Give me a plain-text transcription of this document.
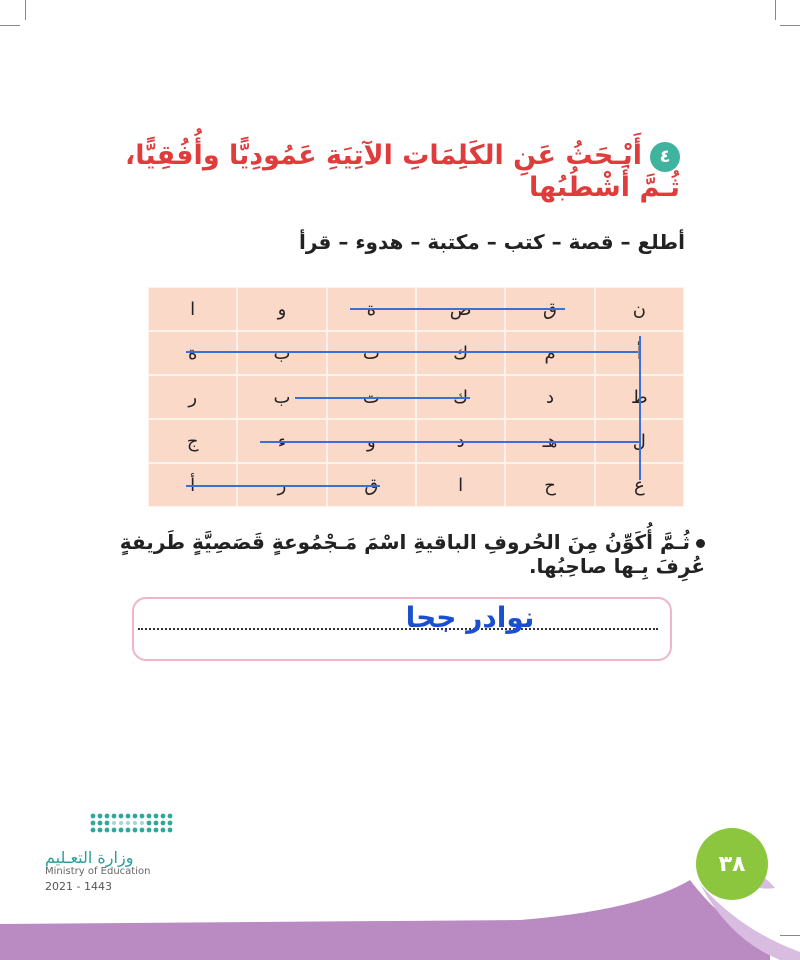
٤أَبْـحَثُ عَنِ الكَلِمَاتِ الآتِيَةِ عَمُودِيًّا وأُفُقِيًّا، ثُـمَّ أَشْطُبُها
أطلع – قصة – كتب – مكتبة – هدوء – قرأ
ن
ق
ص
ة
و
ا
أ
م
ك
ت
ب
ة
ط
د
ك
ت
ب
ر
ل
هـ
د
و
ء
ج
ع
ح
ا
ق
ر
أ
ثُـمَّ أُكَوِّنُ مِنَ الحُروفِ الباقيةِ اسْمَ مَـجْمُوعةٍ قَصَصِيَّةٍ طَريفةٍ عُرِفَ بِـها صاحِبُها.
نوادر جحا
وزارة التعـليم
Ministry of Education
2021 - 1443
٣٨
